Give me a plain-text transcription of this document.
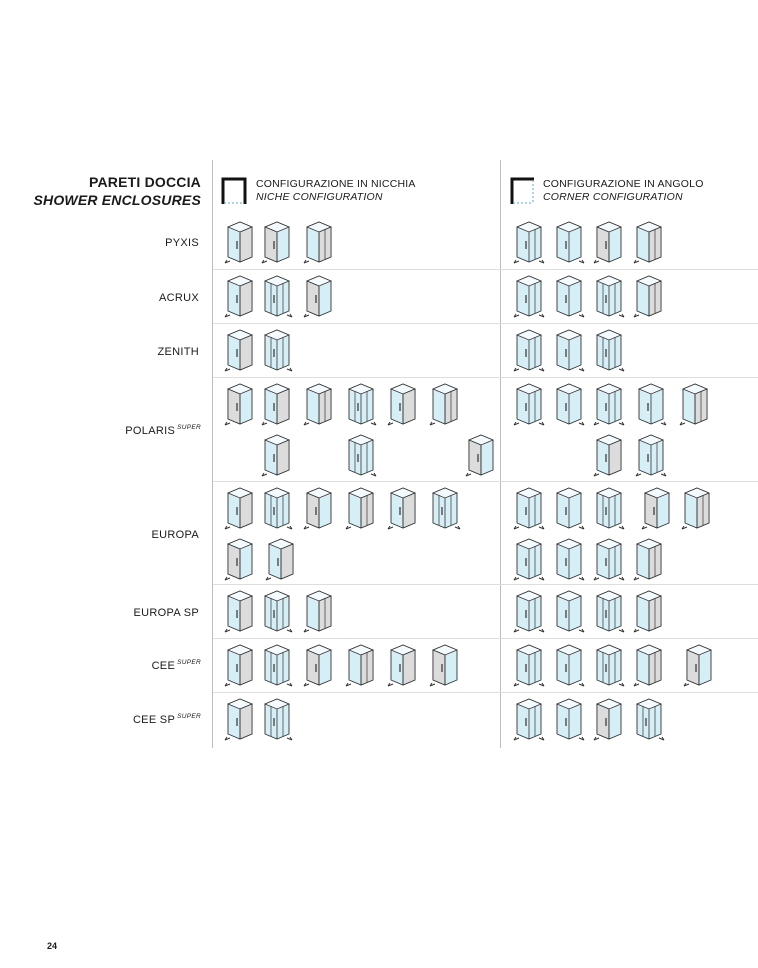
PARETI DOCCIA
SHOWER ENCLOSURES
CONFIGURAZIONE IN NICCHIA
NICHE CONFIGURATION
CONFIGURAZIONE IN ANGOLO
CORNER CONFIGURATION
PYXIS
ACRUX
ZENITH
POLARIS $^{SUPER}$
EUROPA
EUROPA SP
CEE $^{SUPER}$
CEE SP $^{SUPER}$
24
